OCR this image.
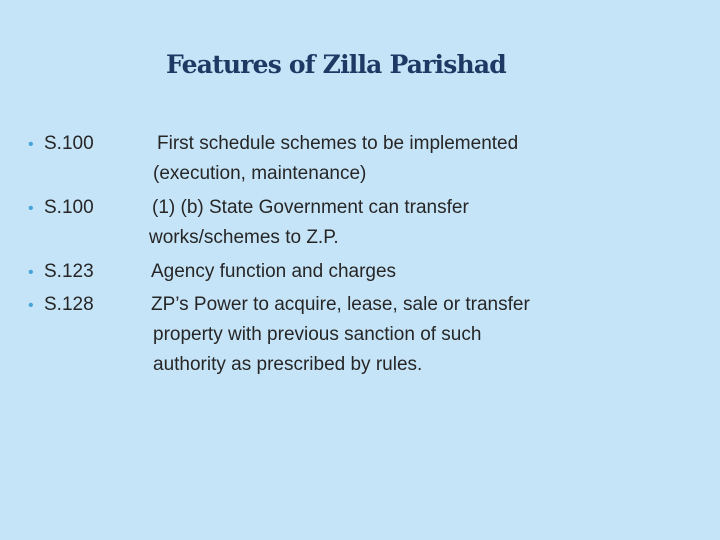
Features of Zilla Parishad
• S.100	First schedule schemes to be implemented
(execution, maintenance)
• S.100	(1) (b) State Government can transfer
works/schemes to Z.P.
• S.123	Agency function and charges
• S.128	ZP’s Power to acquire, lease, sale or transfer
property with previous sanction of such
authority as prescribed by rules.
